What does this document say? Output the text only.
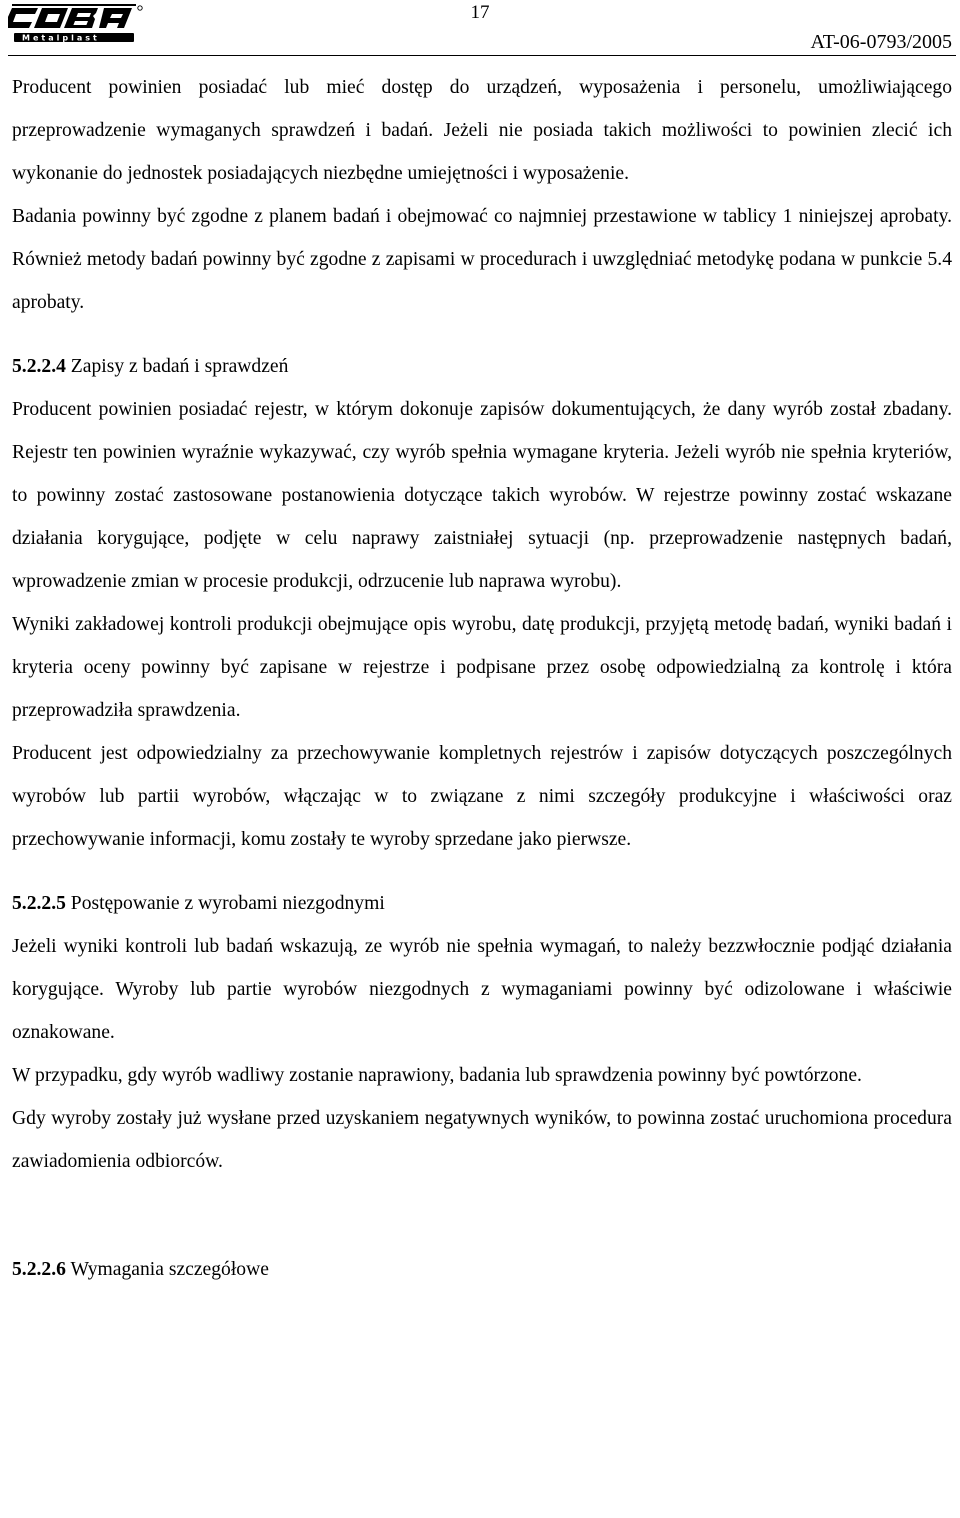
Metalplast
17
AT-06-0793/2005

Producent powinien posiadać lub mieć dostęp do urządzeń, wyposażenia i personelu, umożliwiającego przeprowadzenie wymaganych sprawdzeń i badań. Jeżeli nie posiada takich możliwości to powinien zlecić ich wykonanie do jednostek posiadających niezbędne umiejętności i wyposażenie.

Badania powinny być zgodne z planem badań i obejmować co najmniej przestawione w tablicy 1 niniejszej aprobaty. Również metody badań powinny być zgodne z zapisami w procedurach i uwzględniać metodykę podana w punkcie 5.4 aprobaty.

5.2.2.4 Zapisy z badań i sprawdzeń

Producent powinien posiadać rejestr, w którym dokonuje zapisów dokumentujących, że dany wyrób został zbadany. Rejestr ten powinien wyraźnie wykazywać, czy wyrób spełnia wymagane kryteria. Jeżeli wyrób nie spełnia kryteriów, to powinny zostać zastosowane postanowienia dotyczące takich wyrobów. W rejestrze powinny zostać wskazane działania korygujące, podjęte w celu naprawy zaistniałej sytuacji (np. przeprowadzenie następnych badań, wprowadzenie zmian w procesie produkcji, odrzucenie lub naprawa wyrobu).

Wyniki zakładowej kontroli produkcji obejmujące opis wyrobu, datę produkcji, przyjętą metodę badań, wyniki badań i kryteria oceny powinny być zapisane w rejestrze i podpisane przez osobę odpowiedzialną za kontrolę i która przeprowadziła sprawdzenia.

Producent jest odpowiedzialny za przechowywanie kompletnych rejestrów i zapisów dotyczących poszczególnych wyrobów lub partii wyrobów, włączając w to związane z nimi szczegóły produkcyjne i właściwości oraz przechowywanie informacji, komu zostały te wyroby sprzedane jako pierwsze.

5.2.2.5 Postępowanie z wyrobami niezgodnymi

Jeżeli wyniki kontroli lub badań wskazują, ze wyrób nie spełnia wymagań, to należy bezzwłocznie podjąć działania korygujące. Wyroby lub partie wyrobów niezgodnych z wymaganiami powinny być odizolowane i właściwie oznakowane.

W przypadku, gdy wyrób wadliwy zostanie naprawiony, badania lub sprawdzenia powinny być powtórzone.

Gdy wyroby zostały już wysłane przed uzyskaniem negatywnych wyników, to powinna zostać uruchomiona procedura zawiadomienia odbiorców.

5.2.2.6 Wymagania szczegółowe
